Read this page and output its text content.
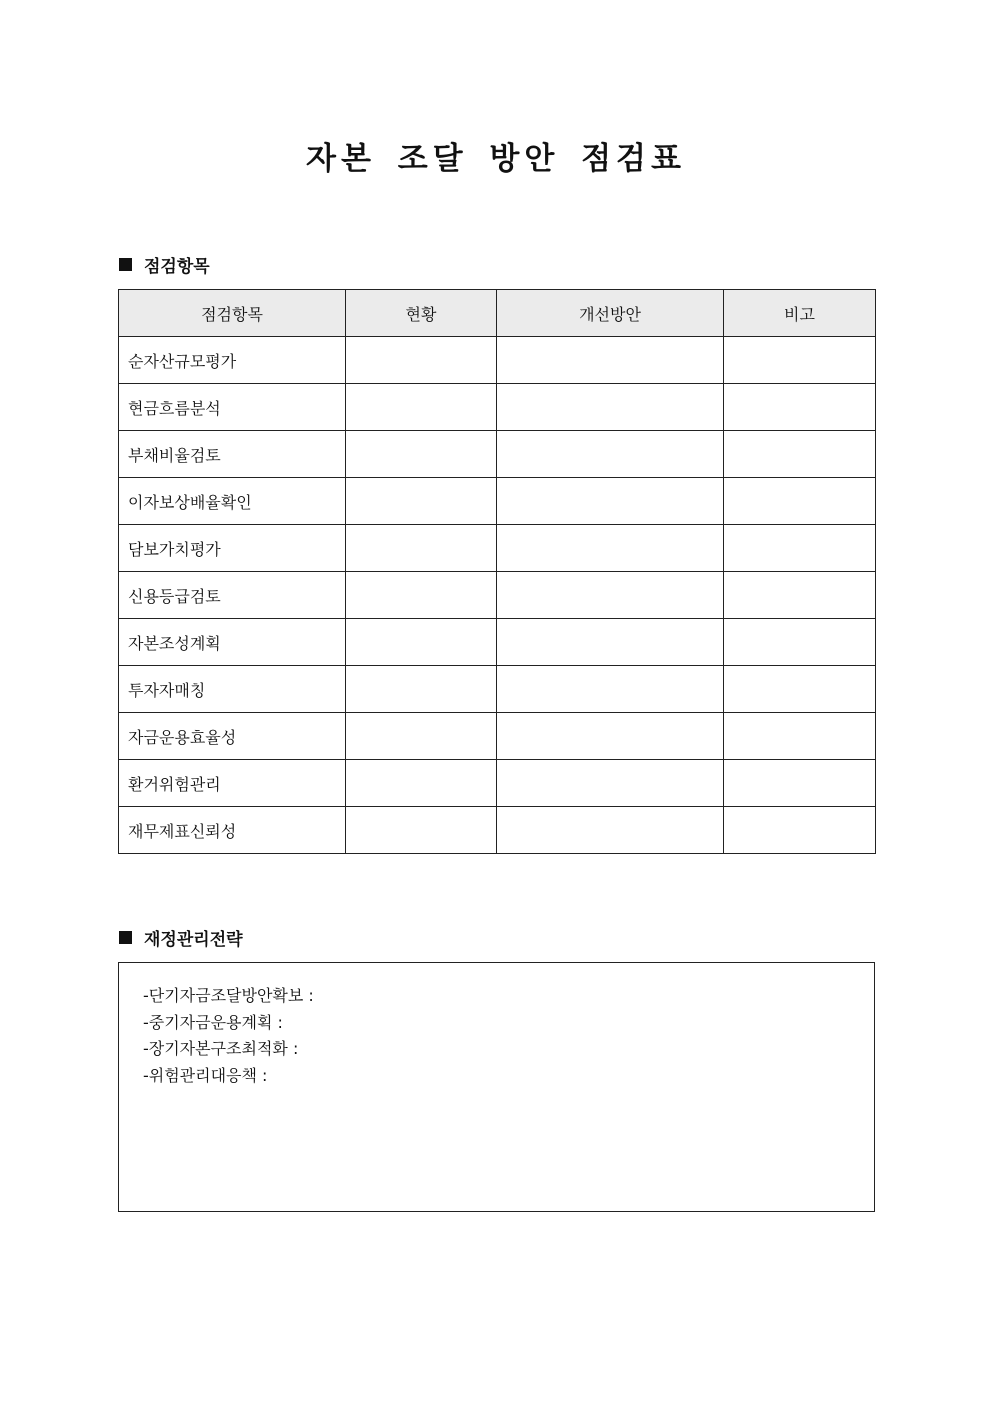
자본 조달 방안 점검표
점검항목
점검항목	현황	개선방안	비고
순자산규모평가			
현금흐름분석			
부채비율검토			
이자보상배율확인			
담보가치평가			
신용등급검토			
자본조성계획			
투자자매칭			
자금운용효율성			
환거위험관리			
재무제표신뢰성			
재정관리전략
-단기자금조달방안확보 :
-중기자금운용계획 :
-장기자본구조최적화 :
-위험관리대응책 :
